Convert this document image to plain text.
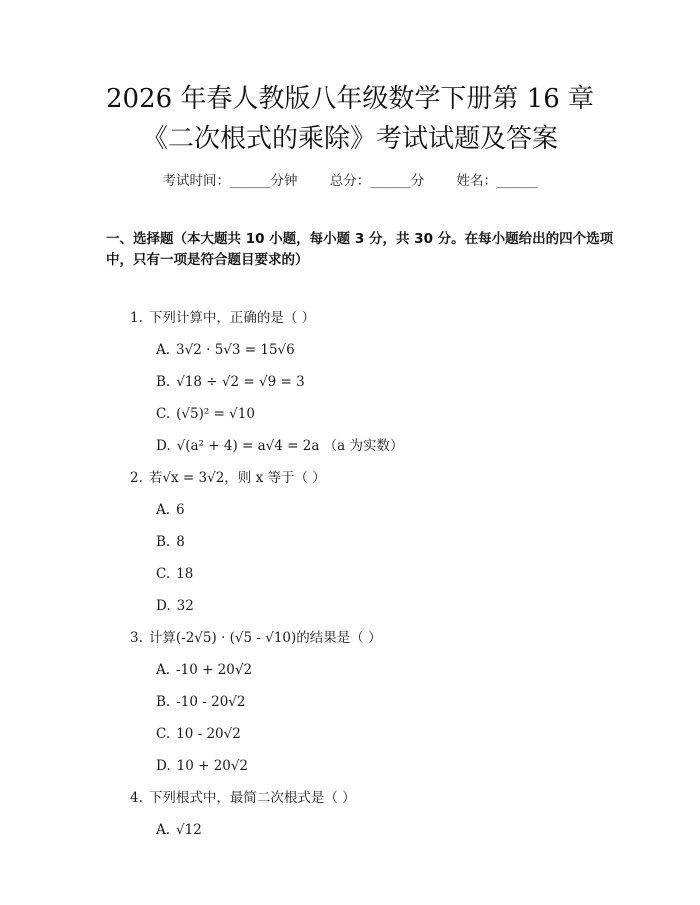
2026 年春人教版八年级数学下册第 16 章
《二次根式的乘除》考试试题及答案
考试时间：______分钟 总分：______分 姓名：______
一、选择题（本大题共 10 小题，每小题 3 分，共 30 分。在每小题给出的四个选项中，只有一项是符合题目要求的）
1. 下列计算中，正确的是（ ）
A. 3√2 · 5√3 = 15√6
B. √18 ÷ √2 = √9 = 3
C. (√5)² = √10
D. √(a² + 4) = a√4 = 2a （a 为实数）
2. 若√x = 3√2，则 x 等于（ ）
A. 6
B. 8
C. 18
D. 32
3. 计算(-2√5) · (√5 - √10)的结果是（ ）
A. -10 + 20√2
B. -10 - 20√2
C. 10 - 20√2
D. 10 + 20√2
4. 下列根式中，最简二次根式是（ ）
A. √12
